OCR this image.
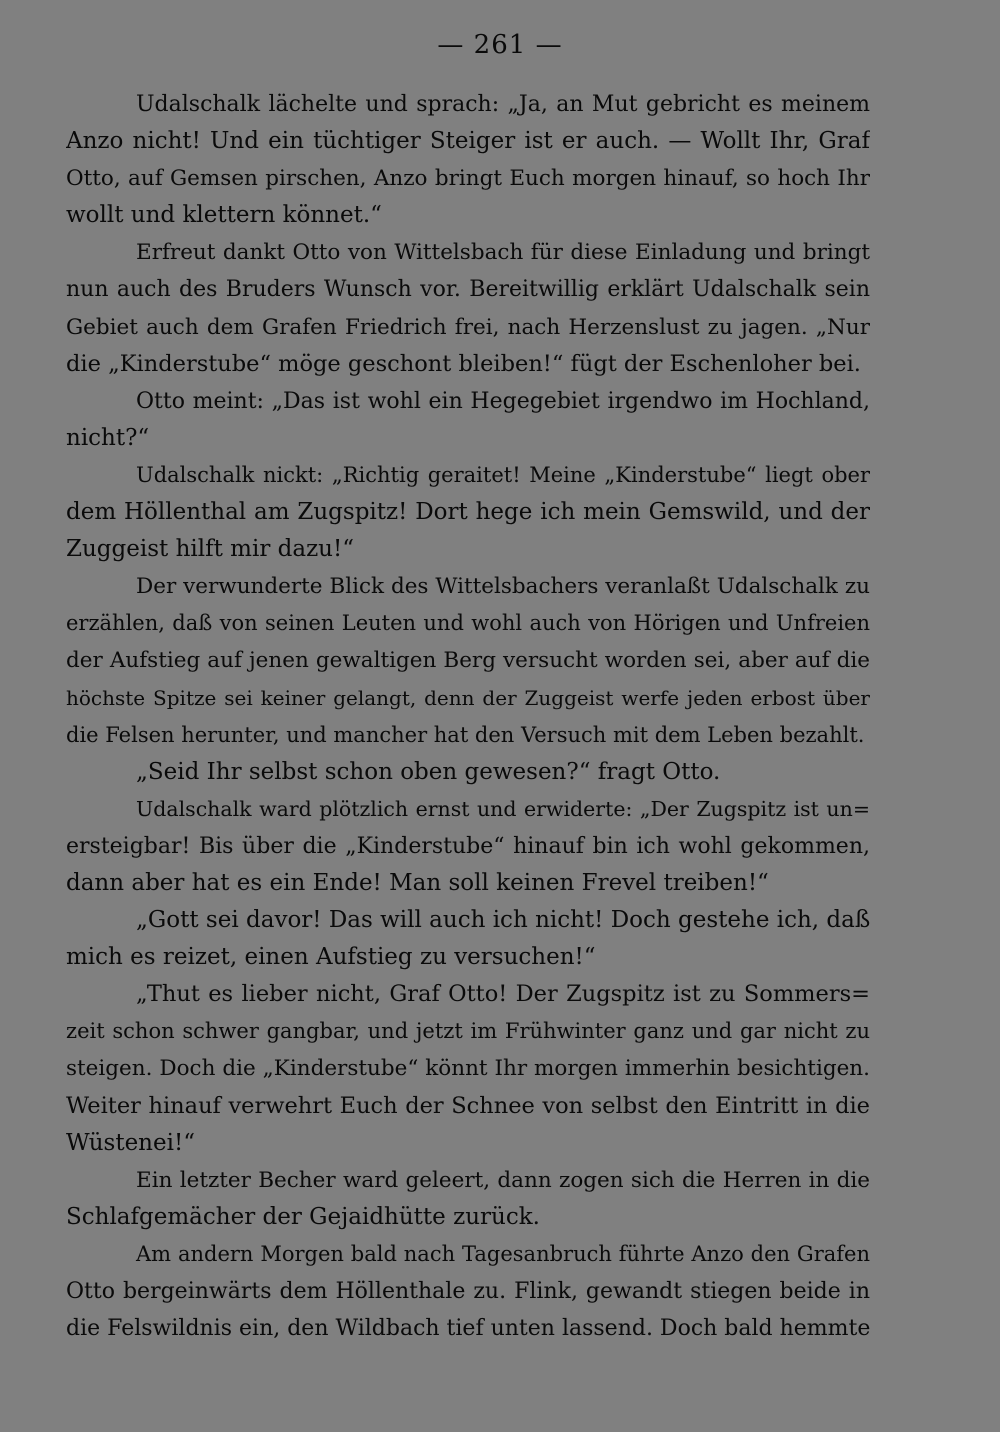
— 261 —
Udalschalk lächelte und sprach: „Ja, an Mut gebricht es meinem
Anzo nicht! Und ein tüchtiger Steiger ist er auch. — Wollt Ihr, Graf
Otto, auf Gemsen pirschen, Anzo bringt Euch morgen hinauf, so hoch Ihr
wollt und klettern könnet.“
Erfreut dankt Otto von Wittelsbach für diese Einladung und bringt
nun auch des Bruders Wunsch vor. Bereitwillig erklärt Udalschalk sein
Gebiet auch dem Grafen Friedrich frei, nach Herzenslust zu jagen. „Nur
die „Kinderstube“ möge geschont bleiben!“ fügt der Eschenloher bei.
Otto meint: „Das ist wohl ein Hegegebiet irgendwo im Hochland,
nicht?“
Udalschalk nickt: „Richtig geraitet! Meine „Kinderstube“ liegt ober
dem Höllenthal am Zugspitz! Dort hege ich mein Gemswild, und der
Zuggeist hilft mir dazu!“
Der verwunderte Blick des Wittelsbachers veranlaßt Udalschalk zu
erzählen, daß von seinen Leuten und wohl auch von Hörigen und Unfreien
der Aufstieg auf jenen gewaltigen Berg versucht worden sei, aber auf die
höchste Spitze sei keiner gelangt, denn der Zuggeist werfe jeden erbost über
die Felsen herunter, und mancher hat den Versuch mit dem Leben bezahlt.
„Seid Ihr selbst schon oben gewesen?“ fragt Otto.
Udalschalk ward plötzlich ernst und erwiderte: „Der Zugspitz ist un=
ersteigbar! Bis über die „Kinderstube“ hinauf bin ich wohl gekommen,
dann aber hat es ein Ende! Man soll keinen Frevel treiben!“
„Gott sei davor! Das will auch ich nicht! Doch gestehe ich, daß
mich es reizet, einen Aufstieg zu versuchen!“
„Thut es lieber nicht, Graf Otto! Der Zugspitz ist zu Sommers=
zeit schon schwer gangbar, und jetzt im Frühwinter ganz und gar nicht zu
steigen. Doch die „Kinderstube“ könnt Ihr morgen immerhin besichtigen.
Weiter hinauf verwehrt Euch der Schnee von selbst den Eintritt in die
Wüstenei!“
Ein letzter Becher ward geleert, dann zogen sich die Herren in die
Schlafgemächer der Gejaidhütte zurück.
Am andern Morgen bald nach Tagesanbruch führte Anzo den Grafen
Otto bergeinwärts dem Höllenthale zu. Flink, gewandt stiegen beide in
die Felswildnis ein, den Wildbach tief unten lassend. Doch bald hemmte
